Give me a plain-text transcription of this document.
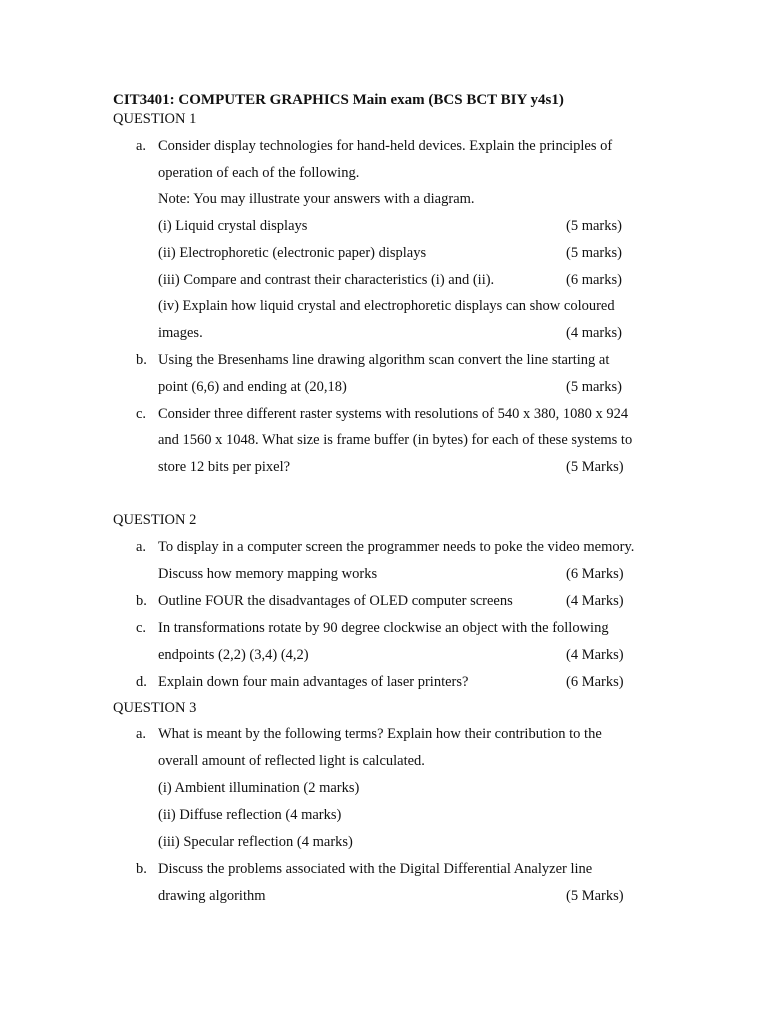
CIT3401: COMPUTER GRAPHICS Main exam (BCS BCT BIY y4s1)
QUESTION 1
a. Consider display technologies for hand-held devices. Explain the principles of
operation of each of the following.
Note: You may illustrate your answers with a diagram.
(i) Liquid crystal displays	(5 marks)
(ii) Electrophoretic (electronic paper) displays	(5 marks)
(iii) Compare and contrast their characteristics (i) and (ii).	(6 marks)
(iv) Explain how liquid crystal and electrophoretic displays can show coloured
images.	(4 marks)
b. Using the Bresenhams line drawing algorithm scan convert the line starting at
point (6,6) and ending at (20,18)	(5 marks)
c. Consider three different raster systems with resolutions of 540 x 380, 1080 x 924
and 1560 x 1048. What size is frame buffer (in bytes) for each of these systems to
store 12 bits per pixel?	(5 Marks)
QUESTION 2
a. To display in a computer screen the programmer needs to poke the video memory.
Discuss how memory mapping works	(6 Marks)
b. Outline FOUR the disadvantages of OLED computer screens	(4 Marks)
c. In transformations rotate by 90 degree clockwise an object with the following
endpoints (2,2) (3,4) (4,2)	(4 Marks)
d. Explain down four main advantages of laser printers?	(6 Marks)
QUESTION 3
a. What is meant by the following terms? Explain how their contribution to the
overall amount of reflected light is calculated.
(i) Ambient illumination (2 marks)
(ii) Diffuse reflection (4 marks)
(iii) Specular reflection (4 marks)
b. Discuss the problems associated with the Digital Differential Analyzer line
drawing algorithm	(5 Marks)
